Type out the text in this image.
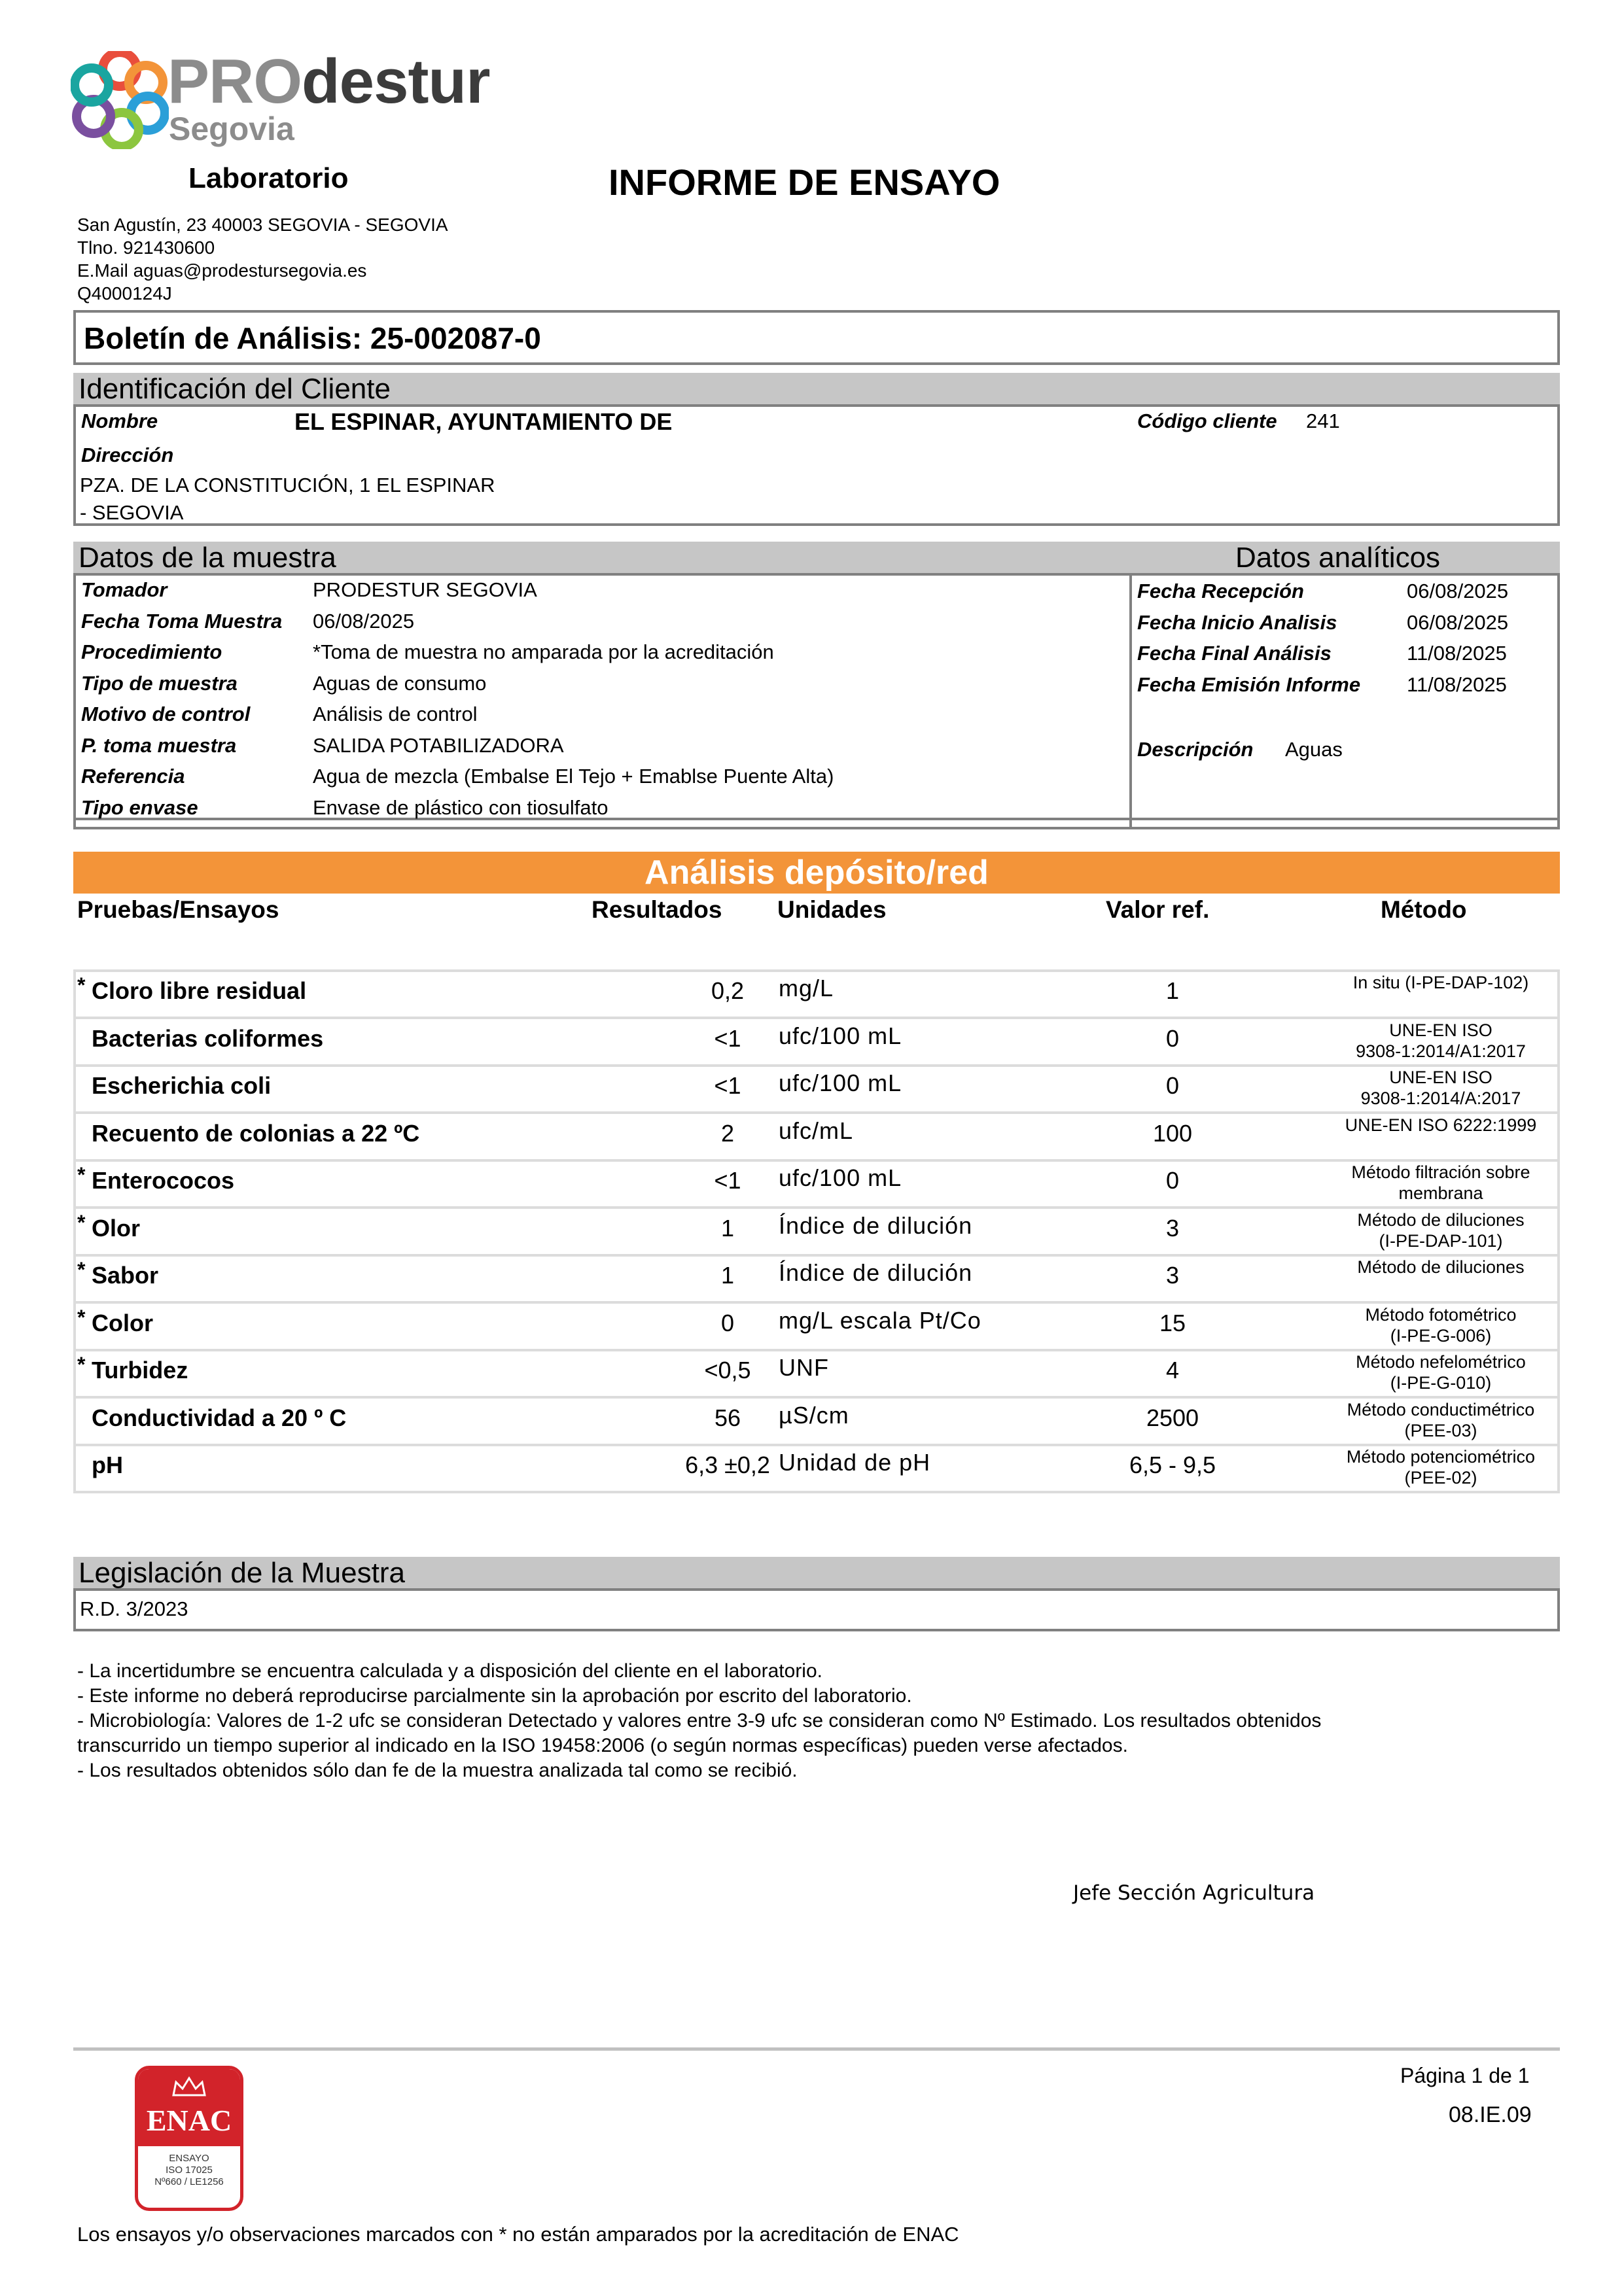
PROdestur
Segovia
Laboratorio	INFORME DE ENSAYO
San Agustín, 23 40003 SEGOVIA - SEGOVIA
Tlno. 921430600
E.Mail aguas@prodestursegovia.es
Q4000124J
Boletín de Análisis: 25-002087-0
Identificación del Cliente
Nombre	EL ESPINAR, AYUNTAMIENTO DE	Código cliente 241
Dirección
PZA. DE LA CONSTITUCIÓN, 1 EL ESPINAR
- SEGOVIA
Datos de la muestra	Datos analíticos
Tomador	PRODESTUR SEGOVIA
Fecha Toma Muestra 06/08/2025
Procedimiento	*Toma de muestra no amparada por la acreditación
Tipo de muestra	Aguas de consumo
Motivo de control	Análisis de control
P. toma muestra	SALIDA POTABILIZADORA
Referencia	Agua de mezcla (Embalse El Tejo + Emablse Puente Alta)
Tipo envase	Envase de plástico con tiosulfato
Fecha Recepción	06/08/2025
Fecha Inicio Analisis	06/08/2025
Fecha Final Análisis	11/08/2025
Fecha Emisión Informe 11/08/2025
Descripción Aguas
Análisis depósito/red
Pruebas/Ensayos	Resultados Unidades	Valor ref.	Método
* Cloro libre residual	0,2	mg/L	1	In situ (I-PE-DAP-102)
Bacterias coliformes	<1	ufc/100 mL	0	UNE-EN ISO
9308-1:2014/A1:2017
Escherichia coli	<1	ufc/100 mL	0	UNE-EN ISO
9308-1:2014/A:2017
Recuento de colonias a 22 ºC	2	ufc/mL	100	UNE-EN ISO 6222:1999
* Enterococos	<1	ufc/100 mL	0	Método filtración sobre
membrana
* Olor	1	Índice de dilución	3	Método de diluciones
(I-PE-DAP-101)
* Sabor	1	Índice de dilución	3	Método de diluciones
* Color	0	mg/L escala Pt/Co	15	Método fotométrico
(I-PE-G-006)
* Turbidez	<0,5	UNF	4	Método nefelométrico
(I-PE-G-010)
Conductividad a 20 º C	56	µS/cm	2500	Método conductimétrico
(PEE-03)
pH	6,3 ±0,2 Unidad de pH	6,5 - 9,5	Método potenciométrico
(PEE-02)
Legislación de la Muestra
R.D. 3/2023
- La incertidumbre se encuentra calculada y a disposición del cliente en el laboratorio.
- Este informe no deberá reproducirse parcialmente sin la aprobación por escrito del laboratorio.
- Microbiología: Valores de 1-2 ufc se consideran Detectado y valores entre 3-9 ufc se consideran como Nº Estimado. Los resultados obtenidos
transcurrido un tiempo superior al indicado en la ISO 19458:2006 (o según normas específicas) pueden verse afectados.
- Los resultados obtenidos sólo dan fe de la muestra analizada tal como se recibió.
Jefe Sección Agricultura
ENAC
ENSAYO
ISO 17025
Nº660 / LE1256
Página 1 de 1
08.IE.09
Los ensayos y/o observaciones marcados con * no están amparados por la acreditación de ENAC
